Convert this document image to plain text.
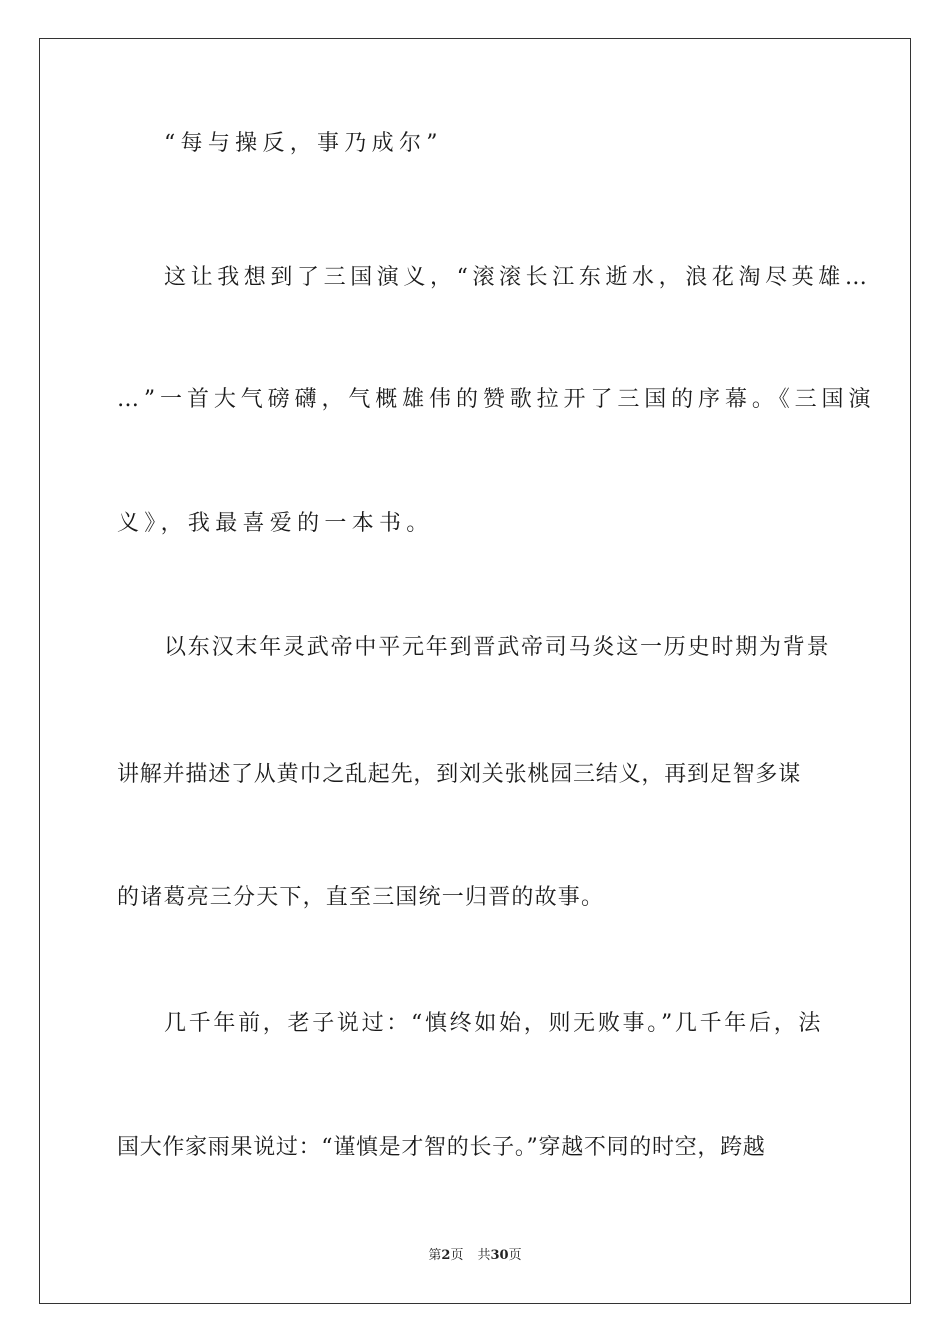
“每与操反，事乃成尔”
这让我想到了三国演义，“滚滚长江东逝水，浪花淘尽英雄…
…”一首大气磅礴，气概雄伟的赞歌拉开了三国的序幕。《三国演
义》，我最喜爱的一本书。
以东汉末年灵武帝中平元年到晋武帝司马炎这一历史时期为背景
讲解并描述了从黄巾之乱起先，到刘关张桃园三结义，再到足智多谋
的诸葛亮三分天下，直至三国统一归晋的故事。
几千年前，老子说过：“慎终如始，则无败事。”几千年后，法
国大作家雨果说过：“谨慎是才智的长子。”穿越不同的时空，跨越
第2页 共30页
